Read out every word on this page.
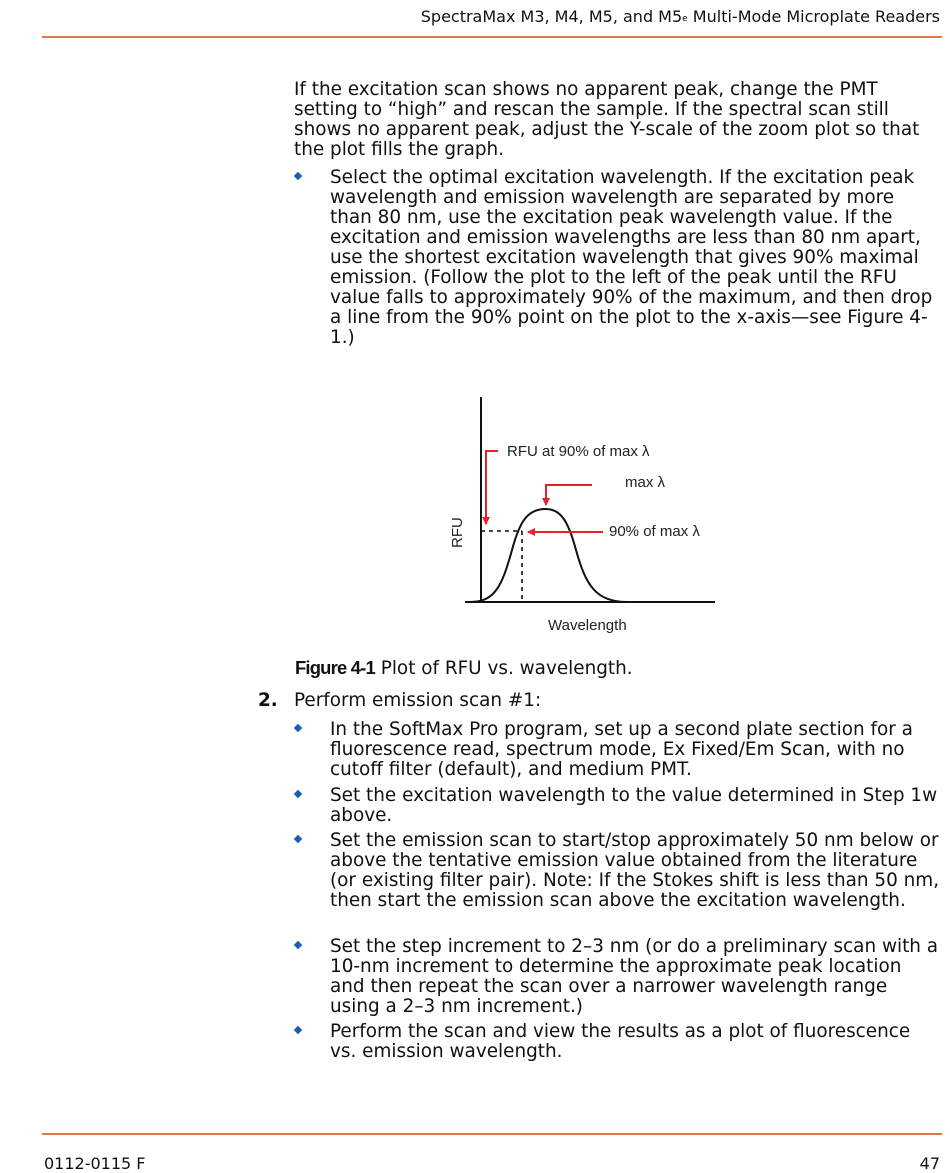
SpectraMax M3, M4, M5, and $M5_e$ Multi-Mode Microplate Readers
If the excitation scan shows no apparent peak, change the PMT setting to “high” and rescan the sample. If the spectral scan still shows no apparent peak, adjust the Y-scale of the zoom plot so that the plot fills the graph.
Select the optimal excitation wavelength. If the excitation peak wavelength and emission wavelength are separated by more than 80 nm, use the excitation peak wavelength value. If the excitation and emission wavelengths are less than 80 nm apart, use the shortest excitation wavelength that gives 90% maximal emission. (Follow the plot to the left of the peak until the RFU value falls to approximately 90% of the maximum, and then drop a line from the 90% point on the plot to the x-axis—see Figure 4-1.)
RFU at 90% of max λ
max λ
90% of max λ
RFU
Wavelength
Figure 4-1 Plot of RFU vs. wavelength.
2. Perform emission scan #1:
In the SoftMax Pro program, set up a second plate section for a fluorescence read, spectrum mode, Ex Fixed/Em Scan, with no cutoff filter (default), and medium PMT.
Set the excitation wavelength to the value determined in Step 1w above.
Set the emission scan to start/stop approximately 50 nm below or above the tentative emission value obtained from the literature (or existing filter pair). Note: If the Stokes shift is less than 50 nm, then start the emission scan above the excitation wavelength.
Set the step increment to 2–3 nm (or do a preliminary scan with a 10-nm increment to determine the approximate peak location and then repeat the scan over a narrower wavelength range using a 2–3 nm increment.)
Perform the scan and view the results as a plot of fluorescence vs. emission wavelength.
0112-0115 F	47
